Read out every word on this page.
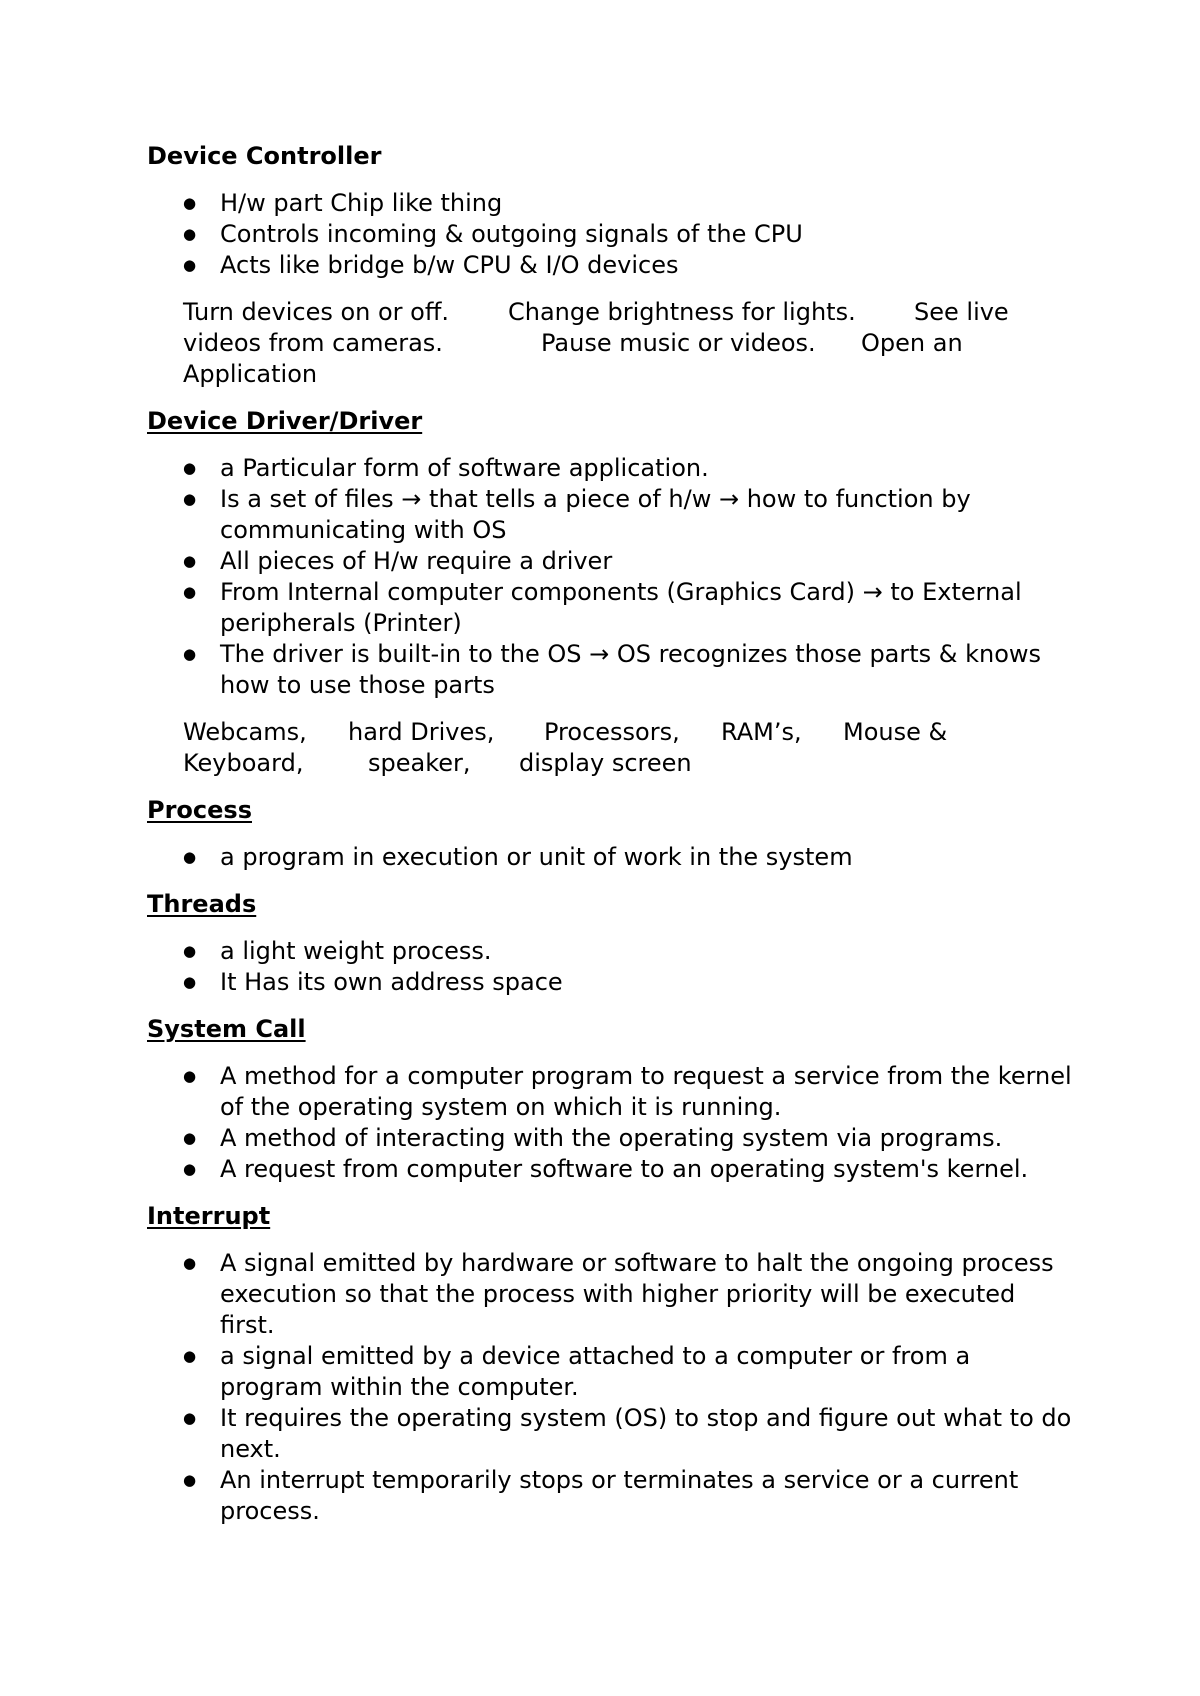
Device Controller
● H/w part Chip like thing
● Controls incoming & outgoing signals of the CPU
● Acts like bridge b/w CPU & I/O devices
Turn devices on or off. Change brightness for lights. See live
videos from cameras.	Pause music or videos. Open an
Application
Device Driver/Driver
● a Particular form of software application.
● Is a set of files → that tells a piece of h/w → how to function by communicating with OS
● All pieces of H/w require a driver
● From Internal computer components (Graphics Card) → to External peripherals (Printer)
● The driver is built-in to the OS → OS recognizes those parts & knows how to use those parts
Webcams, hard Drives, Processors, RAM’s, Mouse &
Keyboard,	speaker, display screen
Process
● a program in execution or unit of work in the system
Threads
● a light weight process.
● It Has its own address space
System Call
● A method for a computer program to request a service from the kernel of the operating system on which it is running.
● A method of interacting with the operating system via programs.
● A request from computer software to an operating system's kernel.
Interrupt
● A signal emitted by hardware or software to halt the ongoing process execution so that the process with higher priority will be executed first.
● a signal emitted by a device attached to a computer or from a program within the computer.
● It requires the operating system (OS) to stop and figure out what to do next.
● An interrupt temporarily stops or terminates a service or a current process.
